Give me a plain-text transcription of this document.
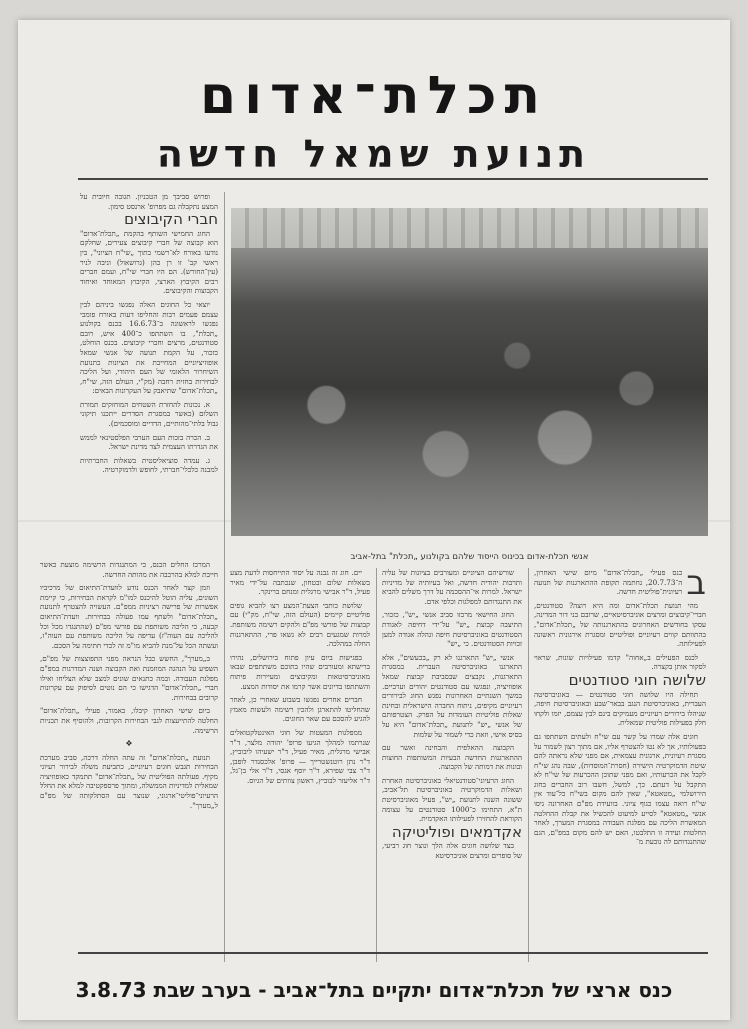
תכלת־אדום
תנועת שמאל חדשה

ופרוש סביבך מן הטכניון. תגובה חיובית על המצע נתקבלה גם מפרופ' ארנסט סימון.

חברי הקיבוצים

החוג החמישי השותף בהקמת „תכלת־אדום" הוא קבוצה של חברי קיבוצים צעירים, שחלקם נודעו באורח לא־רשמי בתוך „שי"ח הציוני", בין ראשי קב' זו רן כהן (גרושאול) וניבה לניר (עין־החורש). הם היו חברי שי"ח, ועמם חברים רבים הקיבוץ הארצי, הקיבוץ המאוחד ואיחוד הקבוצות והקיבוצים.

יוצאי כל החוגים האלה נפגשו ביניהם לבין עצמם פעמים רבות והחליפו דעות באורח פומבי נפגשו לראשונה ב־16.6.73 בכנס בקולנוע „תכלת", בו השתתפו כ־400 איש, רובם סטודנטים, מרצים וחברי קיבוצים. בכנס הוחלט, כזכור, על הקמת תנועה של אנשי שמאל אופוזיציוניים המחייבת את הציונות כתנועת השיחרור הלאומי של העם היהודי, ועל הליכה לבחירות בחזית רחבה (מק"י, העולם הזה, שי"ח, „תכלת־אדום" שתיאבק על העקרונות הבאים:

א. נכונות להחזרת השטחים המוחזקים תמורת השלום (כאשר במסגרת הסדרים ייתכנו תיקוני גבול בלתי־מהותיים, הדדיים ומוסכמים).

ב. הכרה בזכות העם הערבי הפלסטינאי לממש את הגדרתו העצמית לצד מדינת ישראל.

ג. עמדה סוציאליסטית בשאלות החברתיות למבנה כלכלי־חברתי, לחופש ולדמוקרטיה.

המרכז החלים הכנס, כי המתנגדות הרשימה מוצעת כאשר חייבת למלא בהרכבה את מהותה החדשה.

וזמן קצר לאחר הכנס נודע לוועדת־התיאום של מרכיביו השונים, עליה הוטל להיכנס למו"מ לקראת הבחירות, כי קיימת אפשרות של פרישה רציניות ממפ"ם. העשויה להצטרף לתנועת „תכלת־אדום" ולשתף עמו פעולה בבחירות. וועדת־התיאום קבעה, כי הליכה משותפת עם פורשי מפ"ם (שהתנגדו מכל וכל להליכה עם העוה"ז) עדיפה על הליכה משותפת עם העוה"ז, ועשתה הכל על־מנת להביא מו"מ זה לכדי חתימה על הסכם.

ב„מערך", החשש כבל הנראה מפני התפוצצות של מפ"ם, השפיע על הנהגה המוזמנת ואת הקבוצה ושנה המדרגות במפ"ם מפלגת העבודה. ובמה כתנאים שונים למצב שלא הצליחו ואילו חברי „תכלת־אדום" הדגישו כי הם נוטים לסיפוק עם עקרונות קרובים בבחירות.

ביום שישי האחרון קיבלו, כאמור, פעילי „תכלת־אדום" החלטה להתייעצות לגבי הבחירות הקרובות, ולהוסיף את תכניות הרשימה.

❖

תנועת „תכלת־אדום" זה עתה החלה דרכה, סביב מערכת הבחירות תגבש חוגים רעיוניים, כתביעת משלה לבירור רעיוני מקיף. פעולתה הפוליטית של „תכלת־אדום" תתמקד כאופוזיציה שמאלית למדיניות הממשלה, ומתוך פרספקטיבה למלא את החלל הרעיוני־פוליטי־ארגוני, שנוצר עם הסתלקותה של מפ"ם ל„מערך".

אנשי תכלת-אדום בכינוס הייסוד שלהם בקולנוע „תכלת" בתל-אביב

יים. חוג זה גבנה על יסוד התייחסות לדעת מצע בשאלות שלום ובטחון, שנכתבה על־ידי מאיר פעיל, ד"ר אבישי מרגלית ומנחם ברינקר.

שלושת כותבי הצעת־המצע רצו להביא גופים פוליטיים קיימים (העולם הזה, שי"ח, מק"י) עם קבוצות של פורשי מפ"ם ולהקים רשימה משותפת. למרות שמגעים רבים לא נשאו פרי, ההתארגנות החלה במהלכה.

בפגישות ביום עיון פתוח בירושלים, נהירו ברישתא ומעורבים שהיו בתוכם משתתפים שבאו מאוניברסיטאות ומקיבוצים ומעיירות פיתוח והשתתפו בדיונים אשר קרמו את יסודות המצע.

חברים אחרים נפגשו בשבוע שאחרי כן, לאחר שהחליטו להתארגן ולהכין רשימה ולעשות מאמץ להגיע להסכם עם שאר החוגים.

ממפלגות המעטות של חוגי האינטלקטואלים שנרתמו למהלך הגיעו פרופ' יהודה מלצר, ד"ר אבישי מרגלית, מאיר פעיל, ד"ר ישעיהו ליבוביץ, ד"ר נתן רוטנשטרייך — פרופ' אלכסנדר לופבן, ד"ר צבי שפירא, ד"ר יוסף אגסי, ד"ר אלי בן־גל, ד"ר אליעזר לבוביץ, ראשון צוותים של הגיוס.

שורשיהם הציוניים ומעורבים בציונות של עליה ותרבות יהודית חדשה, ואל בעיותיה של מדיניות ישראל. למרות אי־ההסכמה על דרך משלים להביא את התנגדותם למפלגות וכלפי אדם.

החוג החישאי מרכזו סביב אנשי „יש", כזכור, התיצבה קבוצת „יש" על־ידי דחיפה לאגודת הסטודנטים באוניברסיטת חיפה ונהלה אגודה למען זכויות הסטודנטים. כי „יש"

אנשי „יש" התארגנו לא רק „בכעשים", אלא התארגנו באוניברסיטה העברית. במסגרת התארגנות, נקבצים שבסביבת קבוצת שמאל אופוזיציה, ונפגשו עם סטודנטים יהודים וערביים. במשך השנתיים האחרונות נפגש החוג לבירורים רעיוניים מקיפים, ניתוח החברה הישראלית ובחינת שאלות פוליטיות העומדות על הפרק. הצטרפותם של אנשי „יש" לתנועת „תכלת־אדום" היא על בסיס אישי, וזאת כדי לשמור על שלמות

הקבוצה ההאלפית והבחינה ואשר עם ההתארגנות החדשה הבעיות המשותפות החוצות ובונות את דמותה של הקבוצה.

החוג הרעיוני־סטודנטיאלי באוניברסיטה האחרת ושאלות הדמוקרטיה באוניברסיטת תל־אביב, ששונה השנה לתנועת „יש", פעיל מאוניברסיטת ת"א, התחימו כ־1000 סטודנטים על עצומה הקוראת להחזירו לפעילותו האקדמית.

אקדמאים ופוליטיקה

בצד שלושה חוגים אלה הלך ונוצר חוג רביעי, של סופרים ומרצים אוניברסיטא

ב
כנס פעילי „תכלת־אדום" מיום שישי האחרון, ה־20.7.73, נחתמה תקופת ההתארגנות של תנועה רעיונית־פוליטית חדשה.

מהי תנועת תכלת־אדום ומה היא רוצה? סטודנטים, חברי־קיבוצים ומרצים אוניברסיטאיים, שרובם בני דור המדינה, עסקו בחודשים האחרונים בהתארגנותה של „תכלת־אדום", בהתוותם קווים רעיוניים ופוליטיים ומסגרת אירגונית ראשונה לפעילותה.

לכנס הפעילים ב„אחוה" קדמו פעילויות שונות, שראוי לסקור אותן בקצרה.

שלושה חוגי סטודנטים

תחילה היו שלושה חוגי סטודנטים — באוניברסיטה העברית, באוניברסיטת הנגב בבאר־שבע ובאוניברסיטת חיפה, שניהלו בירורים רעיוניים מעמיקים בינם לבין עצמם, יזמו ולקחו חלק בפעילות פוליטית שמאלית.

חוגים אלה שמרו על קשר עם שי"ח ולעתים השתתפו גם בפעולותיו, אך לא נטו להצטרף אליו, אם מתוך רצון לשמור על מסגרת רעיונית, ארגונית עצמאית, אם מפני שלא נראתה להם שיטת הדמוקרטיה הישירה (חסרת־המוסדות), שבה נהג שי"ח לקבל את הכרעותיו, ואם מפני שתוכן ההכרעות של שי"ח לא התקבל על דעתם. כך, למשל, חשבו רוב החברים בחוג הירושלמי „מטאטא", שאין להם מקום בשי"ח כל־עוד אין שי"ח רואה עצמו כגוף ציוני. בוועידת מפ"ם האחרונה ניסו אנשי „מטאטא" לסייע למיעוט להכשיל את קבלת ההחלטה המאשרת הליכה עם מפלגת העבודה במסגרת המערך, לאחר החלטות ועידה זו התלבטו, האם יש להם מקום במפ"ם, הגם שהתנגדותם לה נובעת מ־

כנס ארצי של תכלת־אדום יתקיים בתל־אביב - בערב שבת 3.8.73
